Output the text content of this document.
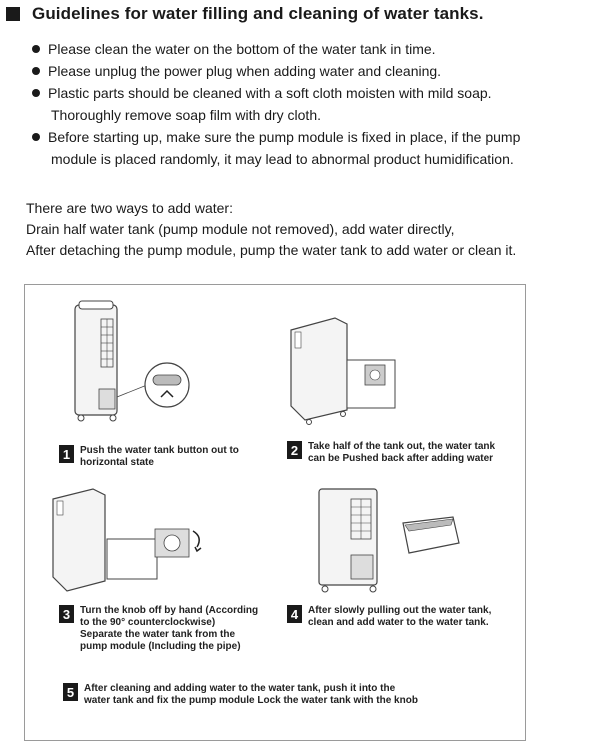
Guidelines for water filling and cleaning of water tanks.
Please clean the water on the bottom of the water tank in time.
Please unplug the power plug when adding water and cleaning.
Plastic parts should be cleaned with a soft cloth moisten with mild soap.
Thoroughly remove soap film with dry cloth.
Before starting up, make sure the pump module is fixed in place, if the pump
module is placed randomly, it may lead to abnormal product humidification.
There are two ways to add water:
Drain half water tank (pump module not removed), add water directly,
After detaching the pump module, pump the water tank to add water or clean it.
1 Push the water tank button out to
horizontal state
2 Take half of the tank out, the water tank
can be Pushed back after adding water
3 Turn the knob off by hand (According
to the 90° counterclockwise)
Separate the water tank from the
pump module (Including the pipe)
4 After slowly pulling out the water tank,
clean and add water to the water tank.
5 After cleaning and adding water to the water tank, push it into the
water tank and fix the pump module Lock the water tank with the knob
